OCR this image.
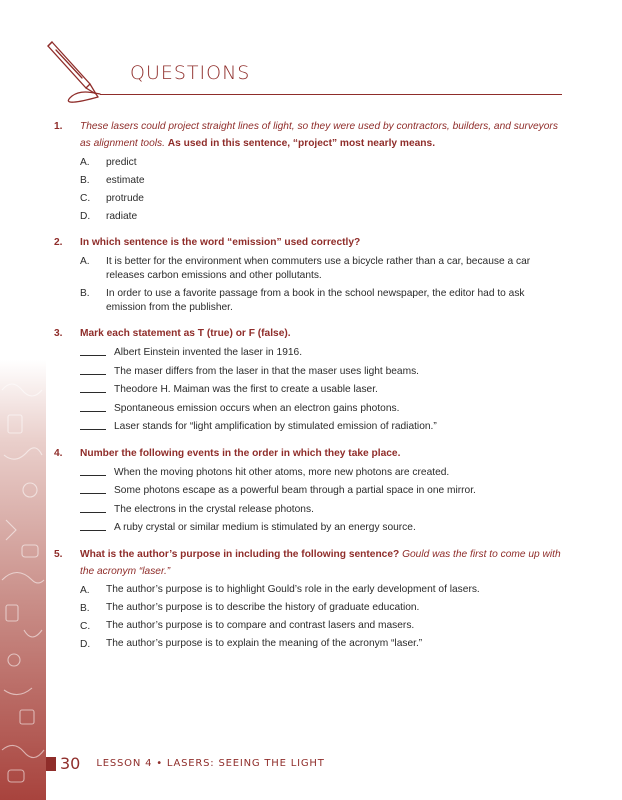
QUESTIONS
1.	These lasers could project straight lines of light, so they were used by contractors, builders, and surveyors as alignment tools. As used in this sentence, “project” most nearly means.
A.	predict
B.	estimate
C.	protrude
D.	radiate
2.	In which sentence is the word “emission” used correctly?
A.	It is better for the environment when commuters use a bicycle rather than a car, because a car releases carbon emissions and other pollutants.
B.	In order to use a favorite passage from a book in the school newspaper, the editor had to ask emission from the publisher.
3.	Mark each statement as T (true) or F (false).
Albert Einstein invented the laser in 1916.
The maser differs from the laser in that the maser uses light beams.
Theodore H. Maiman was the first to create a usable laser.
Spontaneous emission occurs when an electron gains photons.
Laser stands for “light amplification by stimulated emission of radiation.”
4.	Number the following events in the order in which they take place.
When the moving photons hit other atoms, more new photons are created.
Some photons escape as a powerful beam through a partial space in one mirror.
The electrons in the crystal release photons.
A ruby crystal or similar medium is stimulated by an energy source.
5.	What is the author’s purpose in including the following sentence? Gould was the first to come up with the acronym “laser.”
A.	The author’s purpose is to highlight Gould’s role in the early development of lasers.
B.	The author’s purpose is to describe the history of graduate education.
C.	The author’s purpose is to compare and contrast lasers and masers.
D.	The author’s purpose is to explain the meaning of the acronym “laser.”
30 LESSON 4 • LASERS: SEEING THE LIGHT
